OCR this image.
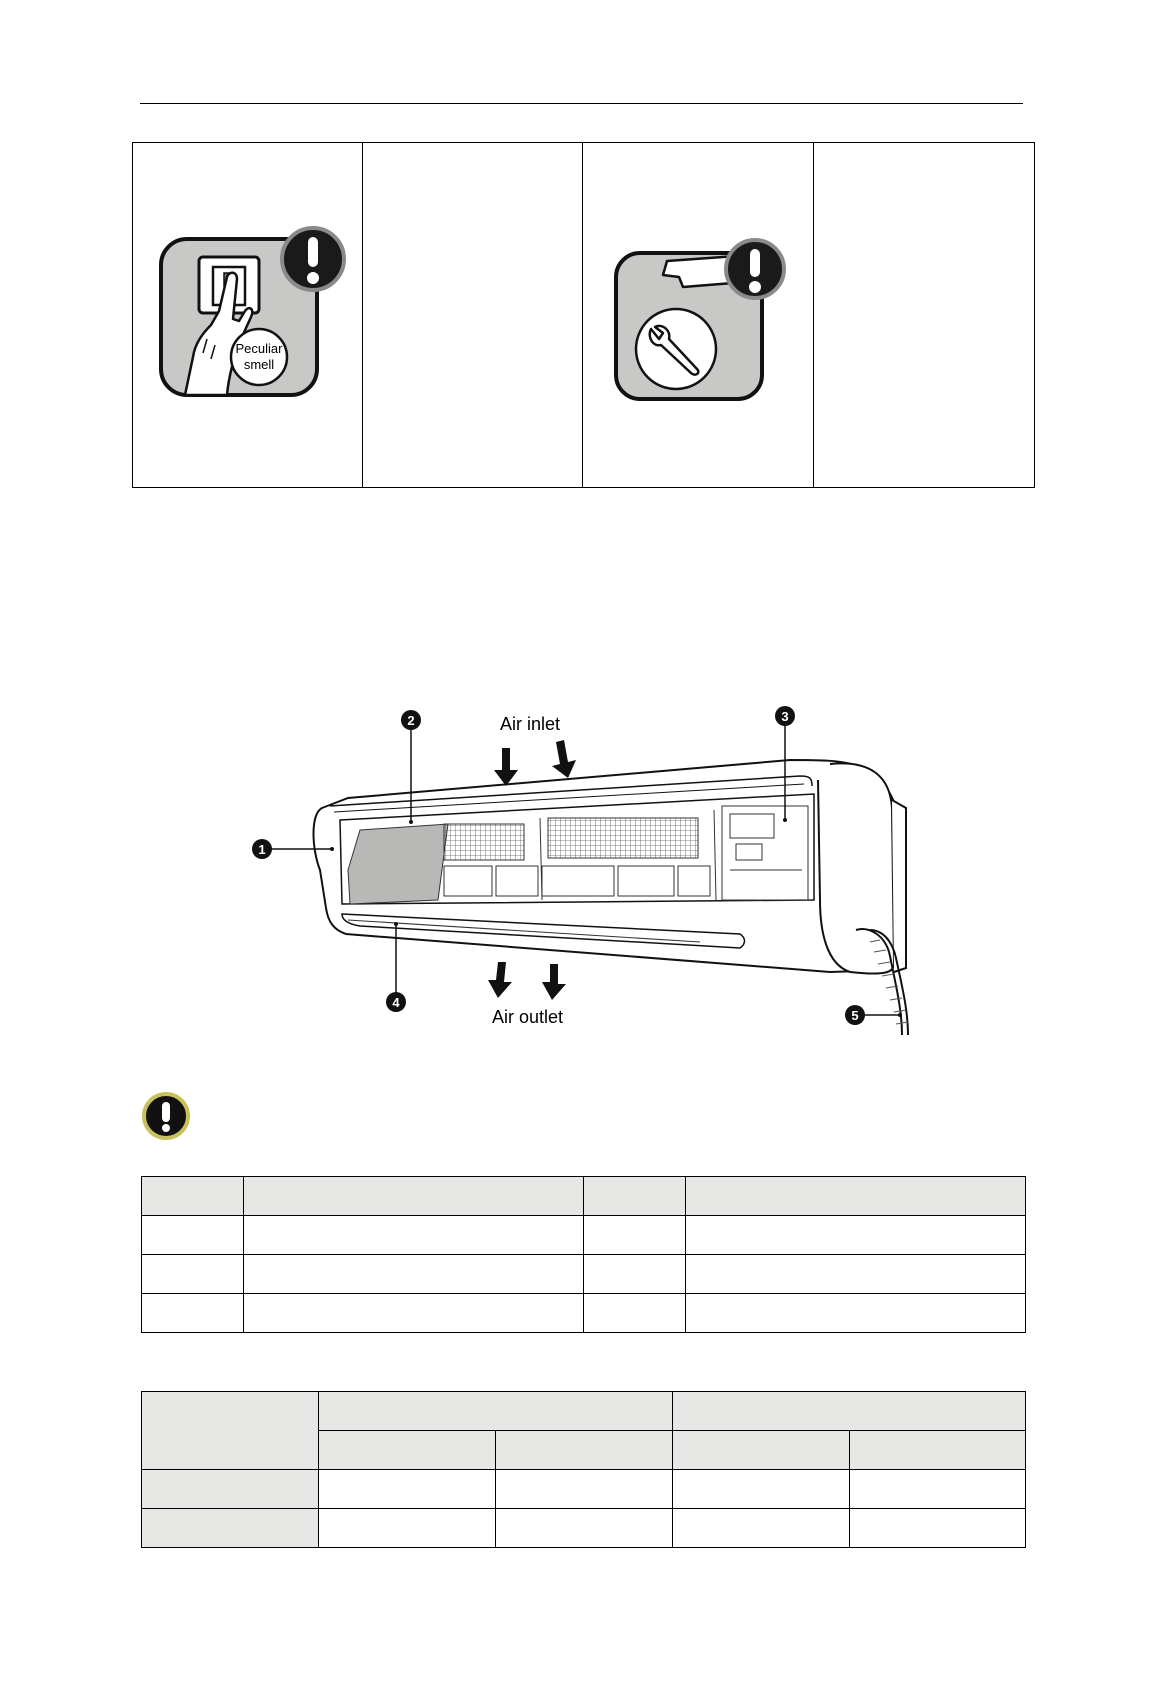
Peculiar
smell

Air inlet
Air outlet
1
2	3
4
5
